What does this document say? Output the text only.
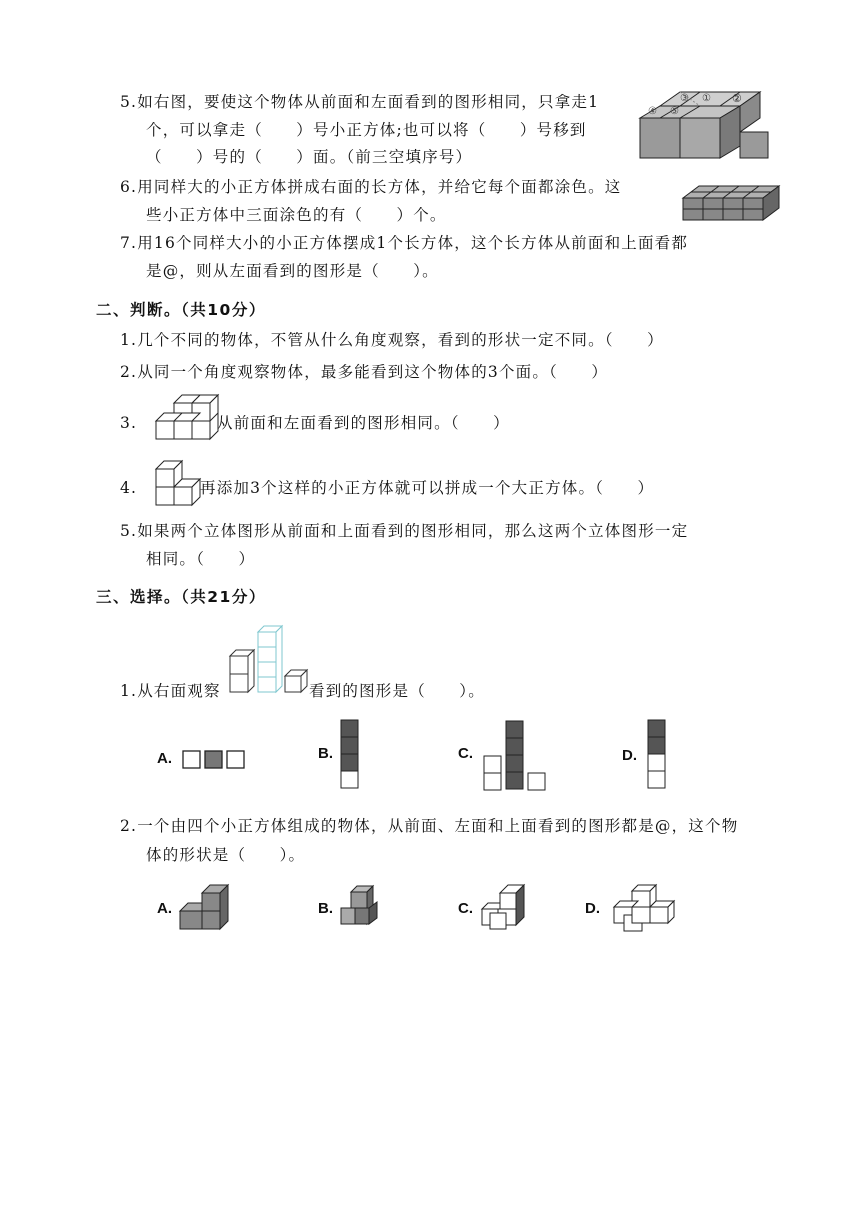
5.如右图，要使这个物体从前面和左面看到的图形相同，只拿走1
个，可以拿走（　　）号小正方体;也可以将（　　）号移到
（　　）号的（　　）面。（前三空填序号）
②
④ ⑤
③ ①
6.用同样大的小正方体拼成右面的长方体，并给它每个面都涂色。这
些小正方体中三面涂色的有（　　）个。
7.用16个同样大小的小正方体摆成1个长方体，这个长方体从前面和上面看都
是@，则从左面看到的图形是（　　）。
二、判断。（共10分）
1.几个不同的物体，不管从什么角度观察，看到的形状一定不同。（　　）
2.从同一个角度观察物体，最多能看到这个物体的3个面。（　　）
3.	从前面和左面看到的图形相同。（　　）
4.	再添加3个这样的小正方体就可以拼成一个大正方体。（　　）
5.如果两个立体图形从前面和上面看到的图形相同，那么这两个立体图形一定
相同。（　　）
三、选择。（共21分）
1.从右面观察	看到的图形是（　　）。
A.	B.	C.	D.
2.一个由四个小正方体组成的物体，从前面、左面和上面看到的图形都是@，这个物
体的形状是（　　）。
A.	B.	C.	D.
